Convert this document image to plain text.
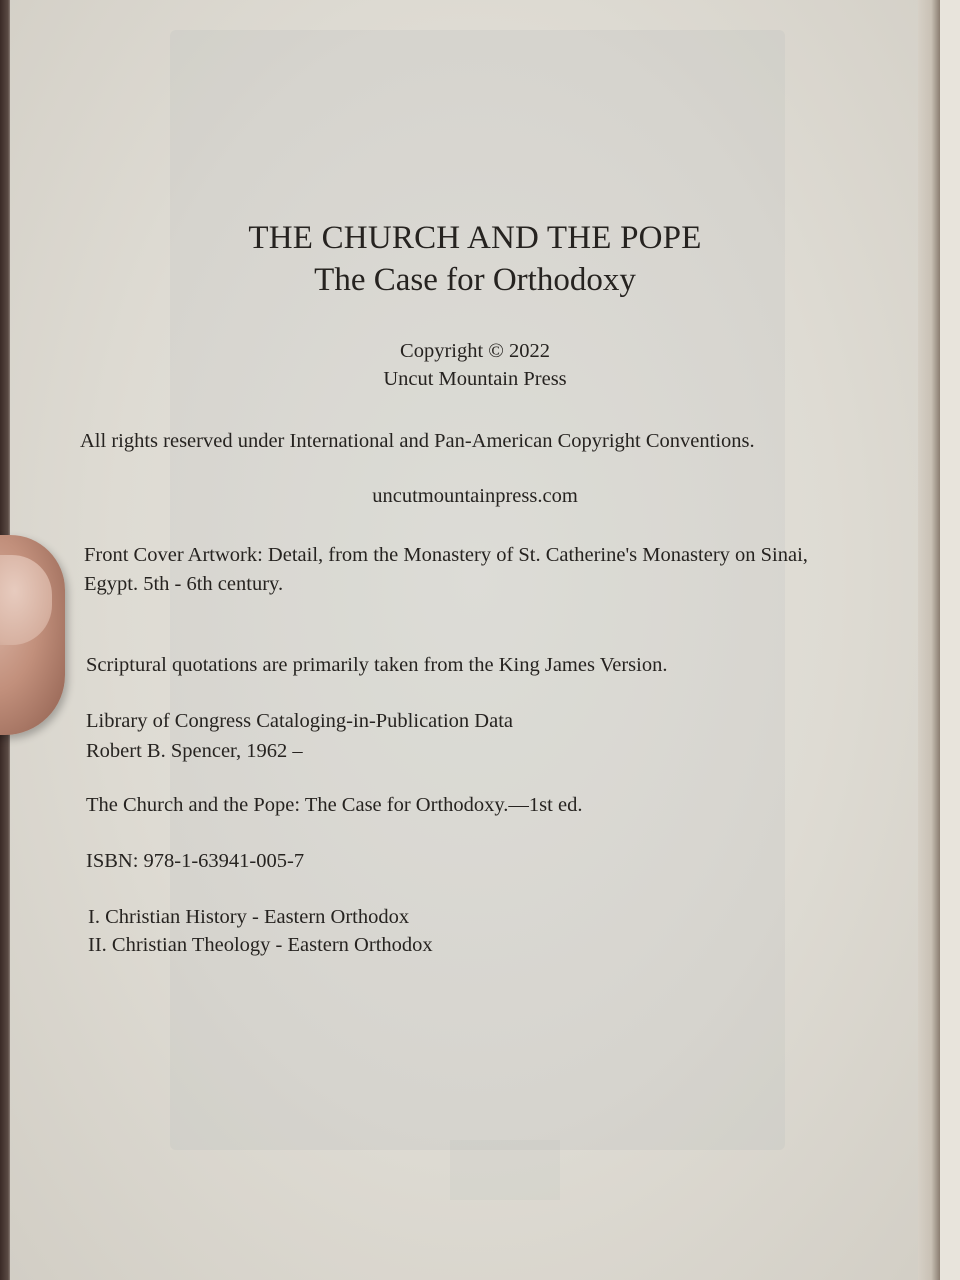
THE CHURCH AND THE POPE

The Case for Orthodoxy

Copyright © 2022

Uncut Mountain Press

All rights reserved under International and Pan-American Copyright Conventions.

uncutmountainpress.com

Front Cover Artwork: Detail, from the Monastery of St. Catherine's Monastery on Sinai,

Egypt. 5th - 6th century.

Scriptural quotations are primarily taken from the King James Version.

Library of Congress Cataloging-in-Publication Data

Robert B. Spencer, 1962 –

The Church and the Pope: The Case for Orthodoxy.—1st ed.

ISBN: 978-1-63941-005-7

I. Christian History - Eastern Orthodox

II. Christian Theology - Eastern Orthodox
